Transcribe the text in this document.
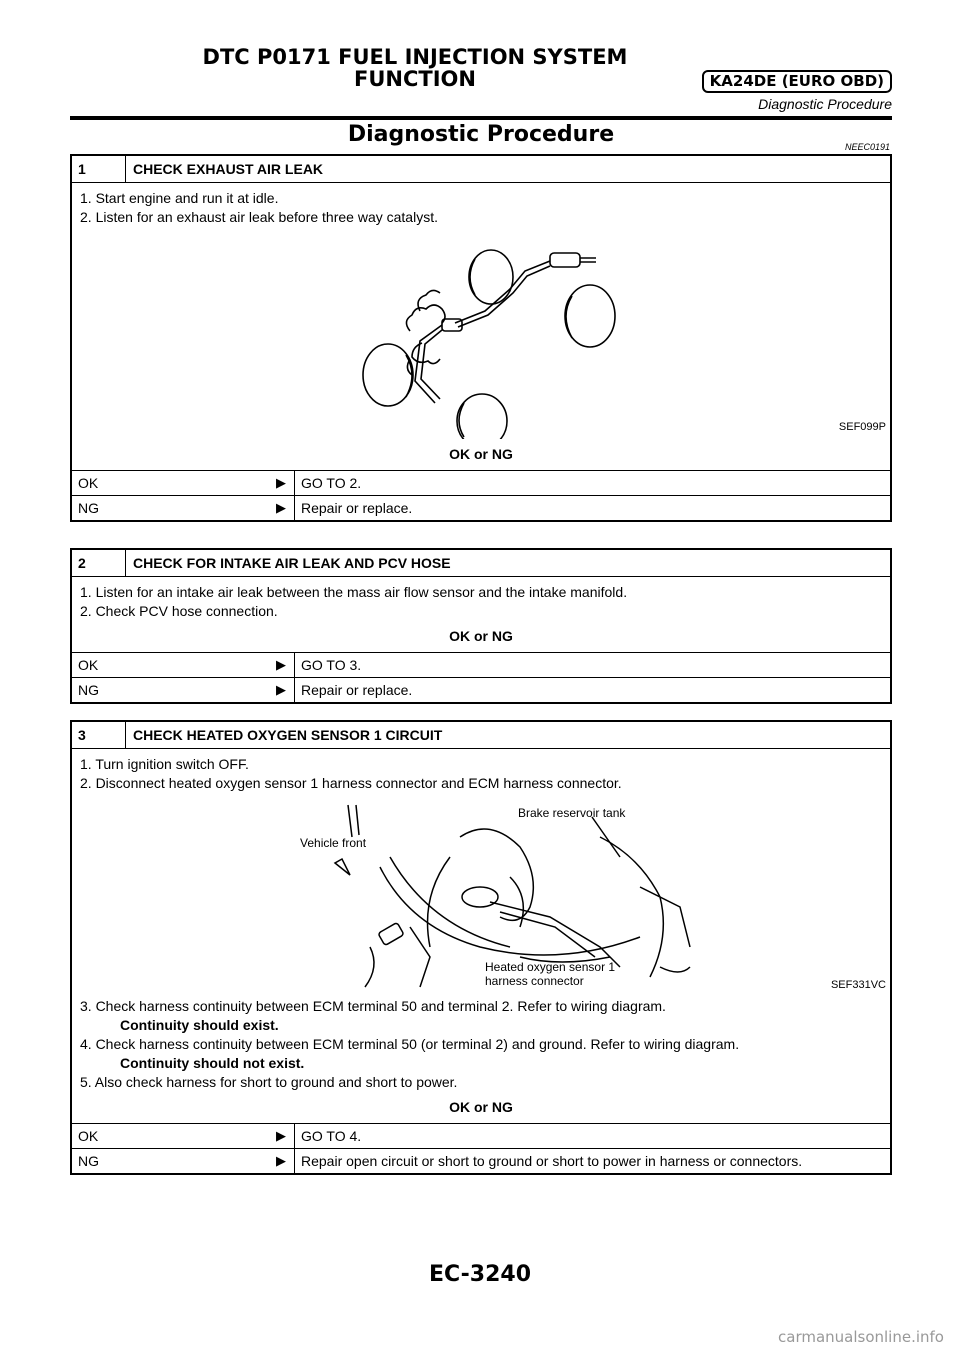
DTC P0171 FUEL INJECTION SYSTEM
FUNCTION	KA24DE (EURO OBD)
Diagnostic Procedure
Diagnostic Procedure	NEEC0191
1	CHECK EXHAUST AIR LEAK

1. Start engine and run it at idle.

2. Listen for an exhaust air leak before three way catalyst.

SEF099P
OK or NG
OK	▶	GO TO 2.
NG	▶	Repair or replace.
2	CHECK FOR INTAKE AIR LEAK AND PCV HOSE

1. Listen for an intake air leak between the mass air flow sensor and the intake manifold.

2. Check PCV hose connection.

OK or NG
OK	▶	GO TO 3.
NG	▶	Repair or replace.
3	CHECK HEATED OXYGEN SENSOR 1 CIRCUIT

1. Turn ignition switch OFF.

2. Disconnect heated oxygen sensor 1 harness connector and ECM harness connector.

Brake reservoir tank
Vehicle front
Heated oxygen sensor 1
harness connector	SEF331VC

3. Check harness continuity between ECM terminal 50 and terminal 2. Refer to wiring diagram.

Continuity should exist.

4. Check harness continuity between ECM terminal 50 (or terminal 2) and ground. Refer to wiring diagram.

Continuity should not exist.

5. Also check harness for short to ground and short to power.

OK or NG
OK	▶	GO TO 4.
NG	▶	Repair open circuit or short to ground or short to power in harness or connectors.
EC-3240
carmanualsonline.info
